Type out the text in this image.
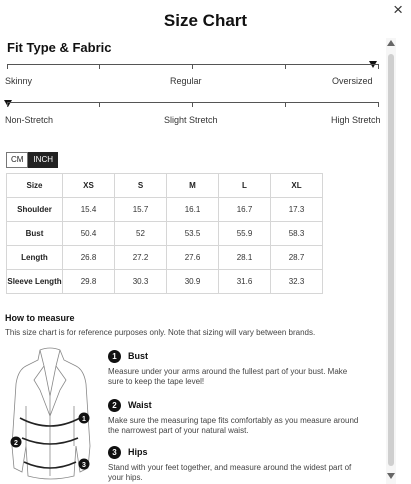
×
Size Chart
Fit Type & Fabric
Skinny	Regular	Oversized
Non-Stretch	Slight Stretch	High Stretch
CM	INCH
Size	XS	S	M	L	XL
Shoulder	15.4	15.7	16.1	16.7	17.3
Bust	50.4	52	53.5	55.9	58.3
Length	26.8	27.2	27.6	28.1	28.7
Sleeve Length	29.8	30.3	30.9	31.6	32.3
How to measure
This size chart is for reference purposes only. Note that sizing will vary between brands.
1
2
3
1	Bust
Measure under your arms around the fullest part of your bust. Make sure to keep the tape level!
2	Waist
Make sure the measuring tape fits comfortably as you measure around the narrowest part of your natural waist.
3	Hips
Stand with your feet together, and measure around the widest part of your hips.
